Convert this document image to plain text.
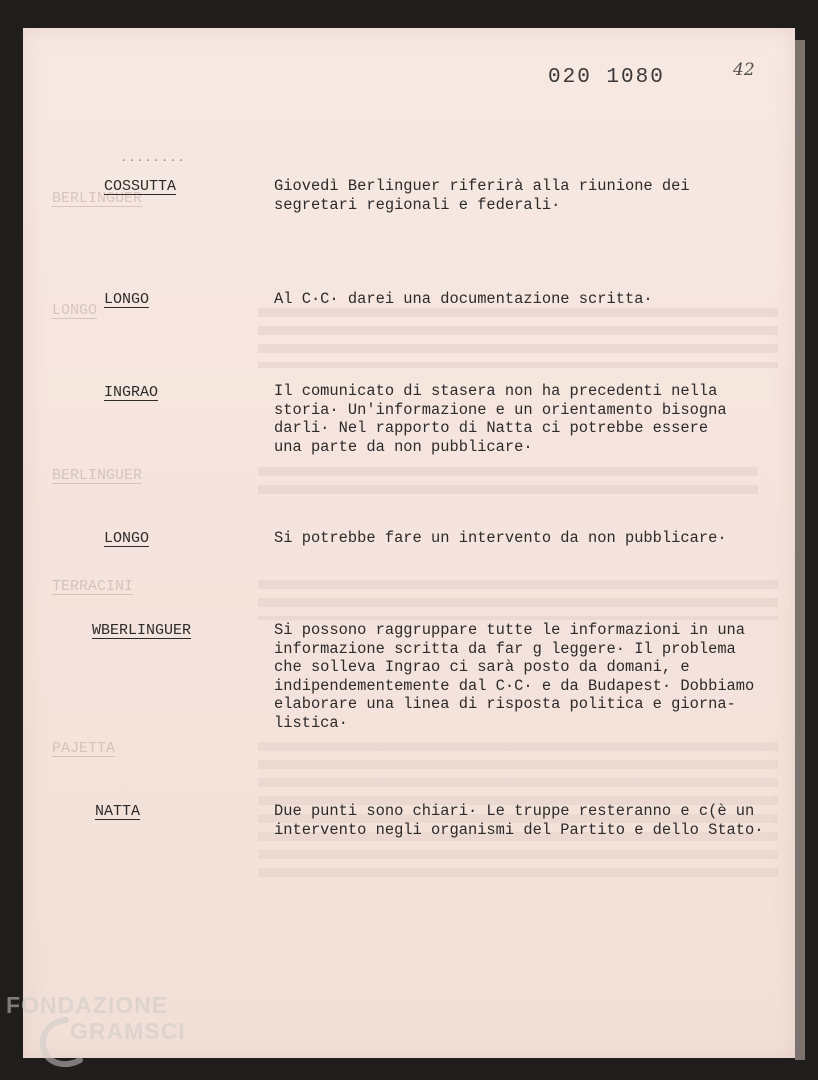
020 1080	42
........
BERLINGUER
LONGO
BERLINGUER
TERRACINI
PAJETTA
COSSUTTA	Giovedì Berlinguer riferirà alla riunione dei
segretari regionali e federali·
LONGO	Al C·C· darei una documentazione scritta·
INGRAO	Il comunicato di stasera non ha precedenti nella
storia· Un'informazione e un orientamento bisogna
darli· Nel rapporto di Natta ci potrebbe essere
una parte da non pubblicare·
LONGO	Si potrebbe fare un intervento da non pubblicare·
WBERLINGUER	Si possono raggruppare tutte le informazioni in una
informazione scritta da far g leggere· Il problema
che solleva Ingrao ci sarà posto da domani, e
indipendementemente dal C·C· e da Budapest· Dobbiamo
elaborare una linea di risposta politica e giorna-
listica·
NATTA	Due punti sono chiari· Le truppe resteranno e c(è un
intervento negli organismi del Partito e dello Stato·
FONDAZIONE
GRAMSCI
